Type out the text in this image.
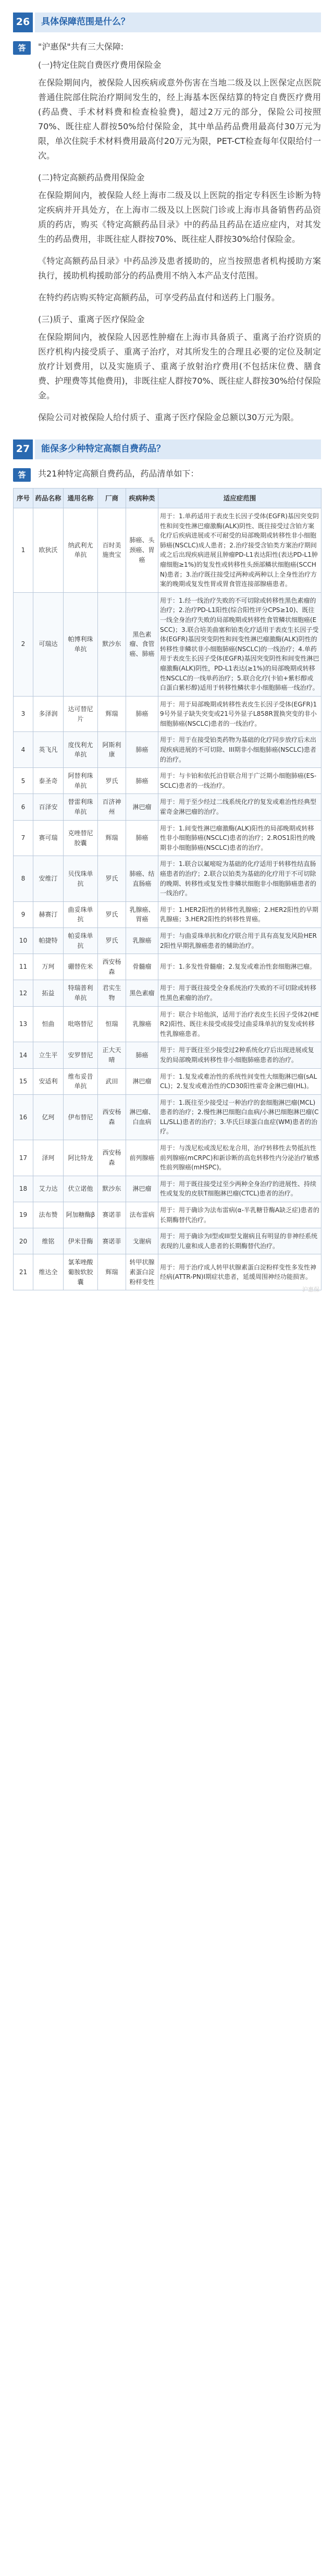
26	具体保障范围是什么？
答	"沪惠保"共有三大保障:
(一)特定住院自费医疗费用保险金

在保险期间内，被保险人因疾病或意外伤害在当地二级及以上医保定点医院普通住院部住院治疗期间发生的，经上海基本医保结算的特定自费医疗费用(药品费、手术材料费和检查检验费)，超过2万元的部分，保险公司按照70%、既往症人群按50%给付保险金，其中单品药品费用最高付30万元为限，单次住院手术材料费用最高付20万元为限，PET-CT检查每年仅限给付一次。

(二)特定高额药品费用保险金

在保险期间内，被保险人经上海市二级及以上医院的指定专科医生诊断为特定疾病并开具处方，在上海市二级及以上医院门诊或上海市具备销售药品资质的药店，购买《特定高额药品目录》中的药品且药品在适应症内，对其发生的药品费用，非既往症人群按70%、既往症人群按30%给付保险金。

《特定高额药品目录》中药品涉及患者援助的，应当按照患者机构援助方案执行，援助机构援助部分的药品费用不纳入本产品支付范围。

在特约药店购买特定高额药品，可享受药品直付和送药上门服务。

(三)质子、重离子医疗保险金

在保险期间内，被保险人因恶性肿瘤在上海市具备质子、重离子治疗资质的医疗机构内接受质子、重离子治疗，对其所发生的合理且必要的定位及制定放疗计划费用，以及实施质子、重离子放射治疗费用(不包括床位费、膳食费、护理费等其他费用)，非既往症人群按70%、既往症人群按30%给付保险金。

保险公司对被保险人给付质子、重离子医疗保险金总额以30万元为限。

27	能保多少种特定高额自费药品？
答	共21种特定高额自费药品，药品清单如下：
序号	药品名称	通用名称	厂商	疾病种类	适应症范围
1	欧狄沃	纳武利尤单抗	百时美施贵宝	肺癌、头颈癌、胃癌	用于：1.单药适用于表皮生长因子受体(EGFR)基因突变阴性和间变性淋巴瘤激酶(ALK)阴性、既往接受过含铂方案化疗后疾病进展或不可耐受的局部晚期或转移性非小细胞肺癌(NSCLC)成人患者；2.治疗接受含铂类方案治疗期间或之后出现疾病进展且肿瘤PD-L1表达阳性(表达PD-L1肿瘤细胞≥1%)的复发性或转移性头颈部鳞状细胞癌(SCCHN)患者；3.治疗既往接受过两种或两种以上全身性治疗方案的晚期或复发性胃或胃食管连接部腺癌患者。
2	可瑞达	帕博利珠单抗	默沙东	黑色素瘤、食管癌、肺癌	用于：1.经一线治疗失败的不可切除或转移性黑色素瘤的治疗；2.治疗PD-L1阳性(综合阳性评分CPS≥10)、既往一线全身治疗失败的局部晚期或转移性食管鳞状细胞癌(ESCC)；3.联合培美曲塞和铂类化疗适用于表皮生长因子受体(EGFR)基因突变阴性和间变性淋巴瘤激酶(ALK)阴性的转移性非鳞状非小细胞肺癌(NSCLC)的一线治疗；4.单药用于表皮生长因子受体(EGFR)基因突变阴性和间变性淋巴瘤激酶(ALK)阴性，PD-L1表达(≥1%)的局部晚期或转移性NSCLC的一线单药治疗；5.联合化疗(卡铂+紫杉醇或白蛋白紫杉醇)适用于转移性鳞状非小细胞肺癌一线治疗。
3	多泽润	达可替尼片	辉瑞	肺癌	用于：用于局部晚期或转移性表皮生长因子受体(EGFR)19号外显子缺失突变或21号外显子L858R置换突变的非小细胞肺癌(NSCLC)患者的一线治疗。
4	英飞凡	度伐利尤单抗	阿斯利康	肺癌	用于：用于在接受铂类药物为基础的化疗同步放疗后未出现疾病进展的不可切除、III期非小细胞肺癌(NSCLC)患者的治疗。
5	泰圣奇	阿替利珠单抗	罗氏	肺癌	用于：与卡铂和依托泊苷联合用于广泛期小细胞肺癌(ES-SCLC)患者的一线治疗。
6	百泽安	替雷利珠单抗	百济神州	淋巴瘤	用于：用于至少经过二线系统化疗的复发或难治性经典型霍奇金淋巴瘤的治疗。
7	赛可瑞	克唑替尼胶囊	辉瑞	肺癌	用于：1.间变性淋巴瘤激酶(ALK)阳性的局部晚期或转移性非小细胞肺癌(NSCLC)患者的治疗；2.ROS1阳性的晚期非小细胞肺癌(NSCLC)患者的治疗。
8	安维汀	贝伐珠单抗	罗氏	肺癌、结直肠癌	用于：1.联合以氟嘧啶为基础的化疗适用于转移性结直肠癌患者的治疗；2.联合以铂类为基础的化疗用于不可切除的晚期、转移性或复发性非鳞状细胞非小细胞肺癌患者的一线治疗。
9	赫赛汀	曲妥珠单抗	罗氏	乳腺癌、胃癌	用于：1.HER2阳性的转移性乳腺癌；2.HER2阳性的早期乳腺癌；3.HER2阳性的转移性胃癌。
10	帕捷特	帕妥珠单抗	罗氏	乳腺癌	用于：与曲妥珠单抗和化疗联合用于具有高复发风险HER2阳性早期乳腺癌患者的辅助治疗。
11	万珂	硼替佐米	西安杨森	骨髓瘤	用于：1.多发性骨髓瘤；2.复发或难治性套细胞淋巴瘤。
12	拓益	特瑞普利单抗	君实生物	黑色素瘤	用于：用于既往接受全身系统治疗失败的不可切除或转移性黑色素瘤的治疗。
13	恒曲	吡咯替尼	恒瑞	乳腺癌	用于：联合卡培他滨，适用于治疗表皮生长因子受体2(HER2)阳性、既往未接受或接受过曲妥珠单抗的复发或转移性乳腺癌患者。
14	立生平	安罗替尼	正大天晴	肺癌	用于：用于既往至少接受过2种系统化疗后出现进展或复发的局部晚期或转移性非小细胞肺癌患者的治疗。
15	安适利	维布妥昔单抗	武田	淋巴瘤	用于：1.复发或难治性的系统性间变性大细胞淋巴瘤(sALCL)；2.复发或难治性的CD30阳性霍奇金淋巴瘤(HL)。
16	亿珂	伊布替尼	西安杨森	淋巴瘤、白血病	用于：1.既往至少接受过一种治疗的套细胞淋巴瘤(MCL)患者的治疗；2.慢性淋巴细胞白血病/小淋巴细胞淋巴瘤(CLL/SLL)患者的治疗；3.华氏巨球蛋白血症(WM)患者的治疗。
17	泽珂	阿比特龙	西安杨森	前列腺癌	用于：与泼尼松或泼尼松龙合用，治疗转移性去势抵抗性前列腺癌(mCRPC)和新诊断的高危转移性内分泌治疗敏感性前列腺癌(mHSPC)。
18	艾力达	伏立诺他	默沙东	淋巴瘤	用于：用于既往接受过至少两种全身治疗的进展性、持续性或复发的皮肤T细胞淋巴瘤(CTCL)患者的治疗。
19	法布赞	阿加糖酶β	赛诺菲	法布雷病	用于：用于确诊为法布雷病(α-半乳糖苷酶A缺乏症)患者的长期酶替代治疗。
20	维铭	伊米苷酶	赛诺菲	戈谢病	用于：用于确诊为I型或III型戈谢病且有明显的非神经系统表现的儿童和成人患者的长期酶替代治疗。
21	维达全	氯苯唑酸葡胺软胶囊	辉瑞	转甲状腺素蛋白淀粉样变性	用于：用于治疗成人转甲状腺素蛋白淀粉样变性多发性神经病(ATTR-PN)I期症状患者，延缓周围神经功能损害。
沪惠保
